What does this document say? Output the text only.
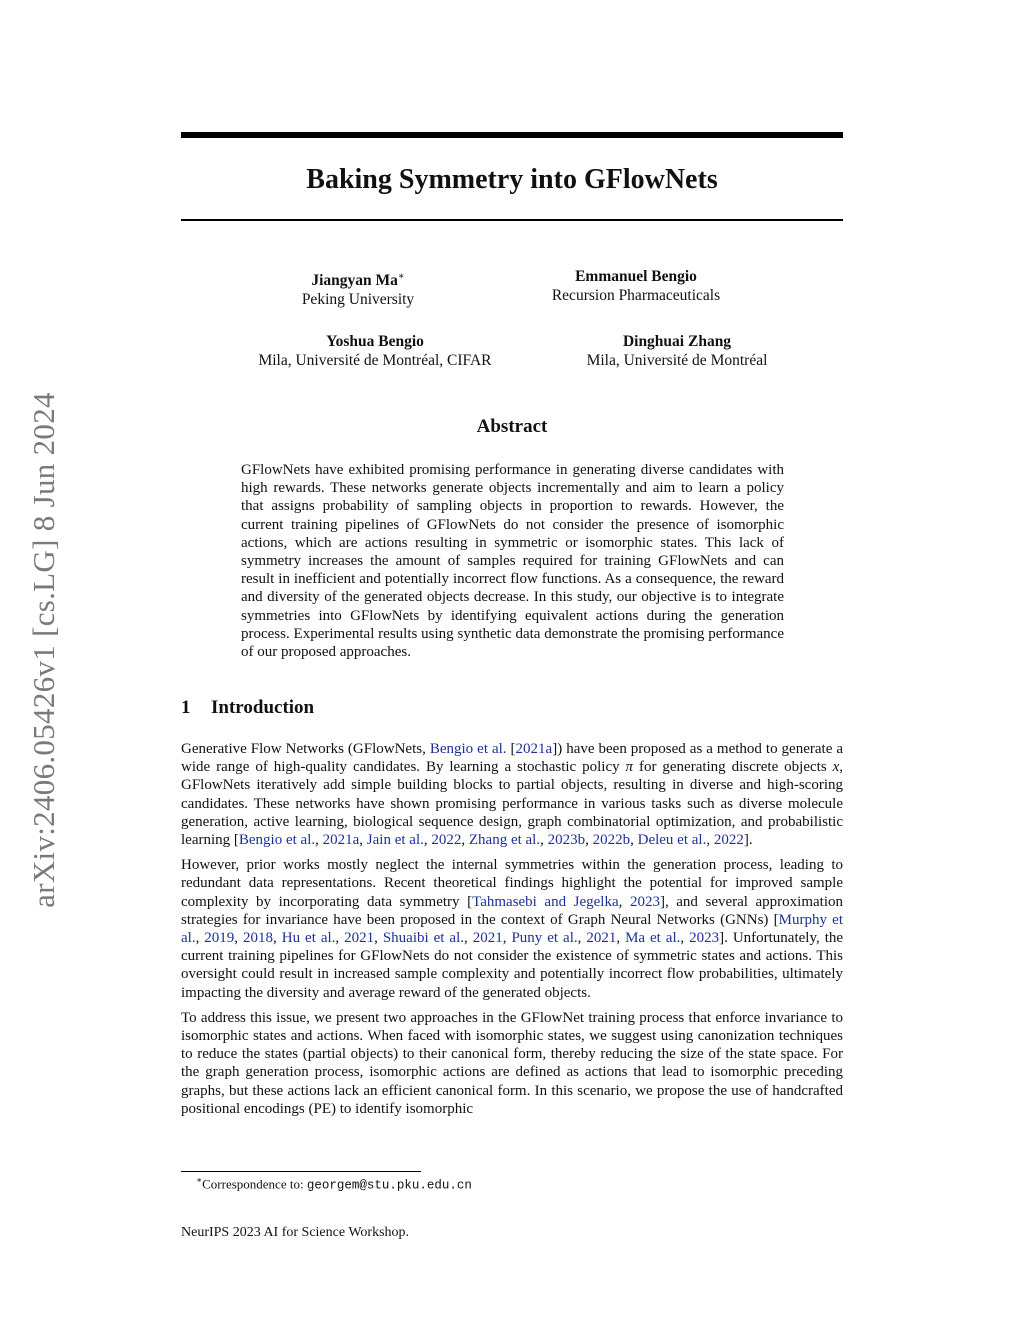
arXiv:2406.05426v1 [cs.LG] 8 Jun 2024
Baking Symmetry into GFlowNets
Jiangyan Ma∗
Peking University
Emmanuel Bengio
Recursion Pharmaceuticals
Yoshua Bengio
Mila, Université de Montréal, CIFAR
Dinghuai Zhang
Mila, Université de Montréal
Abstract
GFlowNets have exhibited promising performance in generating diverse candidates with high rewards. These networks generate objects incrementally and aim to learn a policy that assigns probability of sampling objects in proportion to rewards. However, the current training pipelines of GFlowNets do not consider the presence of isomorphic actions, which are actions resulting in symmetric or isomorphic states. This lack of symmetry increases the amount of samples required for training GFlowNets and can result in inefficient and potentially incorrect flow functions. As a consequence, the reward and diversity of the generated objects decrease. In this study, our objective is to integrate symmetries into GFlowNets by identifying equivalent actions during the generation process. Experimental results using synthetic data demonstrate the promising performance of our proposed approaches.
1 Introduction

Generative Flow Networks (GFlowNets, Bengio et al. [2021a]) have been proposed as a method to generate a wide range of high-quality candidates. By learning a stochastic policy π for generating discrete objects x, GFlowNets iteratively add simple building blocks to partial objects, resulting in diverse and high-scoring candidates. These networks have shown promising performance in various tasks such as diverse molecule generation, active learning, biological sequence design, graph combinatorial optimization, and probabilistic learning [Bengio et al., 2021a, Jain et al., 2022, Zhang et al., 2023b, 2022b, Deleu et al., 2022].

However, prior works mostly neglect the internal symmetries within the generation process, leading to redundant data representations. Recent theoretical findings highlight the potential for improved sample complexity by incorporating data symmetry [Tahmasebi and Jegelka, 2023], and several approximation strategies for invariance have been proposed in the context of Graph Neural Networks (GNNs) [Murphy et al., 2019, 2018, Hu et al., 2021, Shuaibi et al., 2021, Puny et al., 2021, Ma et al., 2023]. Unfortunately, the current training pipelines for GFlowNets do not consider the existence of symmetric states and actions. This oversight could result in increased sample complexity and potentially incorrect flow probabilities, ultimately impacting the diversity and average reward of the generated objects.

To address this issue, we present two approaches in the GFlowNet training process that enforce invariance to isomorphic states and actions. When faced with isomorphic states, we suggest using canonization techniques to reduce the states (partial objects) to their canonical form, thereby reducing the size of the state space. For the graph generation process, isomorphic actions are defined as actions that lead to isomorphic preceding graphs, but these actions lack an efficient canonical form. In this scenario, we propose the use of handcrafted positional encodings (PE) to identify isomorphic

∗Correspondence to: georgem@stu.pku.edu.cn
NeurIPS 2023 AI for Science Workshop.
